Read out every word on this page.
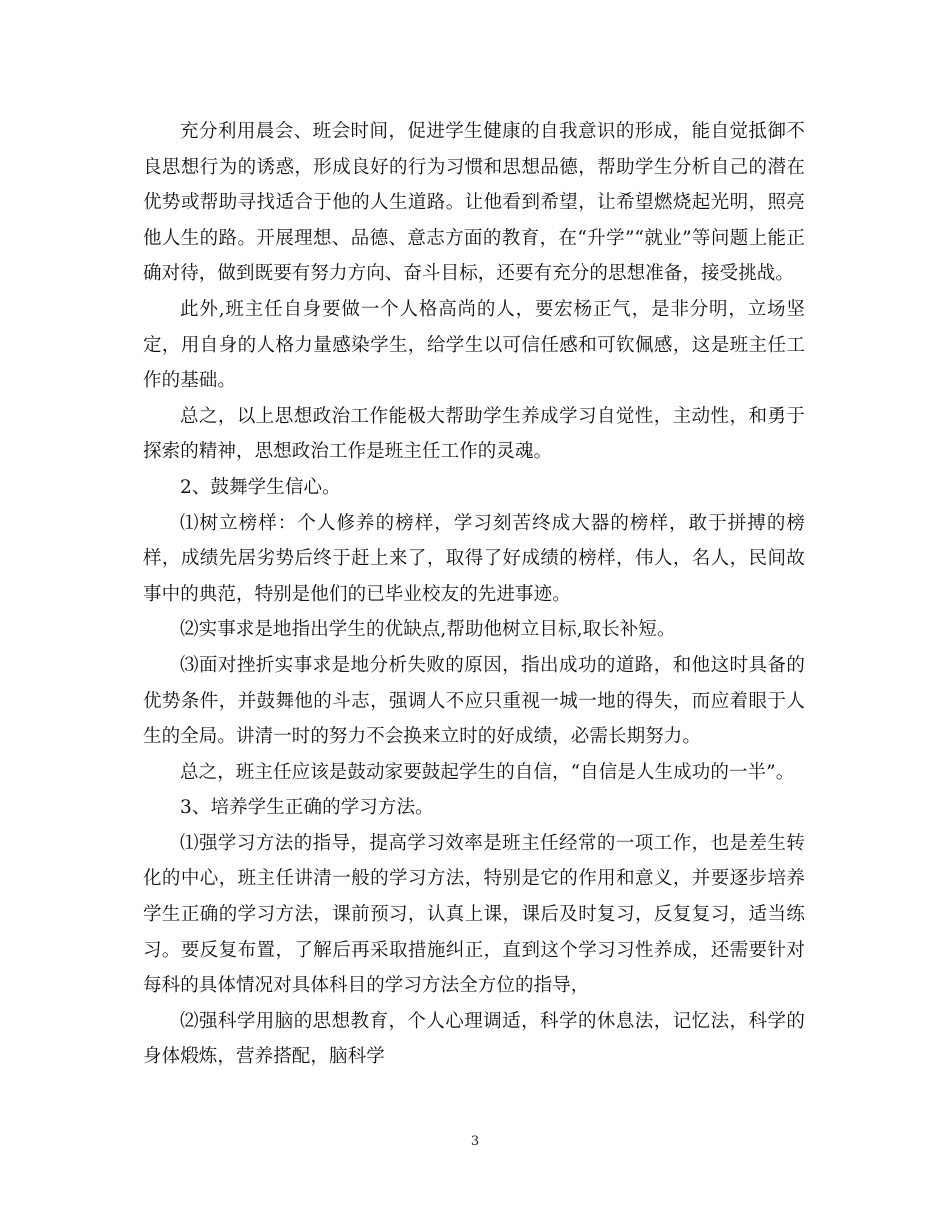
充分利用晨会、班会时间，促进学生健康的自我意识的形成，能自觉抵御不良思想行为的诱惑，形成良好的行为习惯和思想品德，帮助学生分析自己的潜在优势或帮助寻找适合于他的人生道路。让他看到希望，让希望燃烧起光明，照亮他人生的路。开展理想、品德、意志方面的教育，在“升学”“就业”等问题上能正确对待，做到既要有努力方向、奋斗目标，还要有充分的思想准备，接受挑战。

此外,班主任自身要做一个人格高尚的人，要宏杨正气，是非分明，立场坚定，用自身的人格力量感染学生，给学生以可信任感和可钦佩感，这是班主任工作的基础。

总之，以上思想政治工作能极大帮助学生养成学习自觉性，主动性，和勇于探索的精神，思想政治工作是班主任工作的灵魂。

2、鼓舞学生信心。

⑴树立榜样：个人修养的榜样，学习刻苦终成大器的榜样，敢于拼搏的榜样，成绩先居劣势后终于赶上来了，取得了好成绩的榜样，伟人，名人，民间故事中的典范，特别是他们的已毕业校友的先进事迹。

⑵实事求是地指出学生的优缺点,帮助他树立目标,取长补短。

⑶面对挫折实事求是地分析失败的原因，指出成功的道路，和他这时具备的优势条件，并鼓舞他的斗志，强调人不应只重视一城一地的得失，而应着眼于人生的全局。讲清一时的努力不会换来立时的好成绩，必需长期努力。

总之，班主任应该是鼓动家要鼓起学生的自信，“自信是人生成功的一半”。

3、培养学生正确的学习方法。

⑴强学习方法的指导，提高学习效率是班主任经常的一项工作，也是差生转化的中心，班主任讲清一般的学习方法，特别是它的作用和意义，并要逐步培养学生正确的学习方法，课前预习，认真上课，课后及时复习，反复复习，适当练习。要反复布置，了解后再采取措施纠正，直到这个学习习性养成，还需要针对每科的具体情况对具体科目的学习方法全方位的指导，

⑵强科学用脑的思想教育，个人心理调适，科学的休息法，记忆法，科学的身体煅炼，营养搭配，脑科学

3
